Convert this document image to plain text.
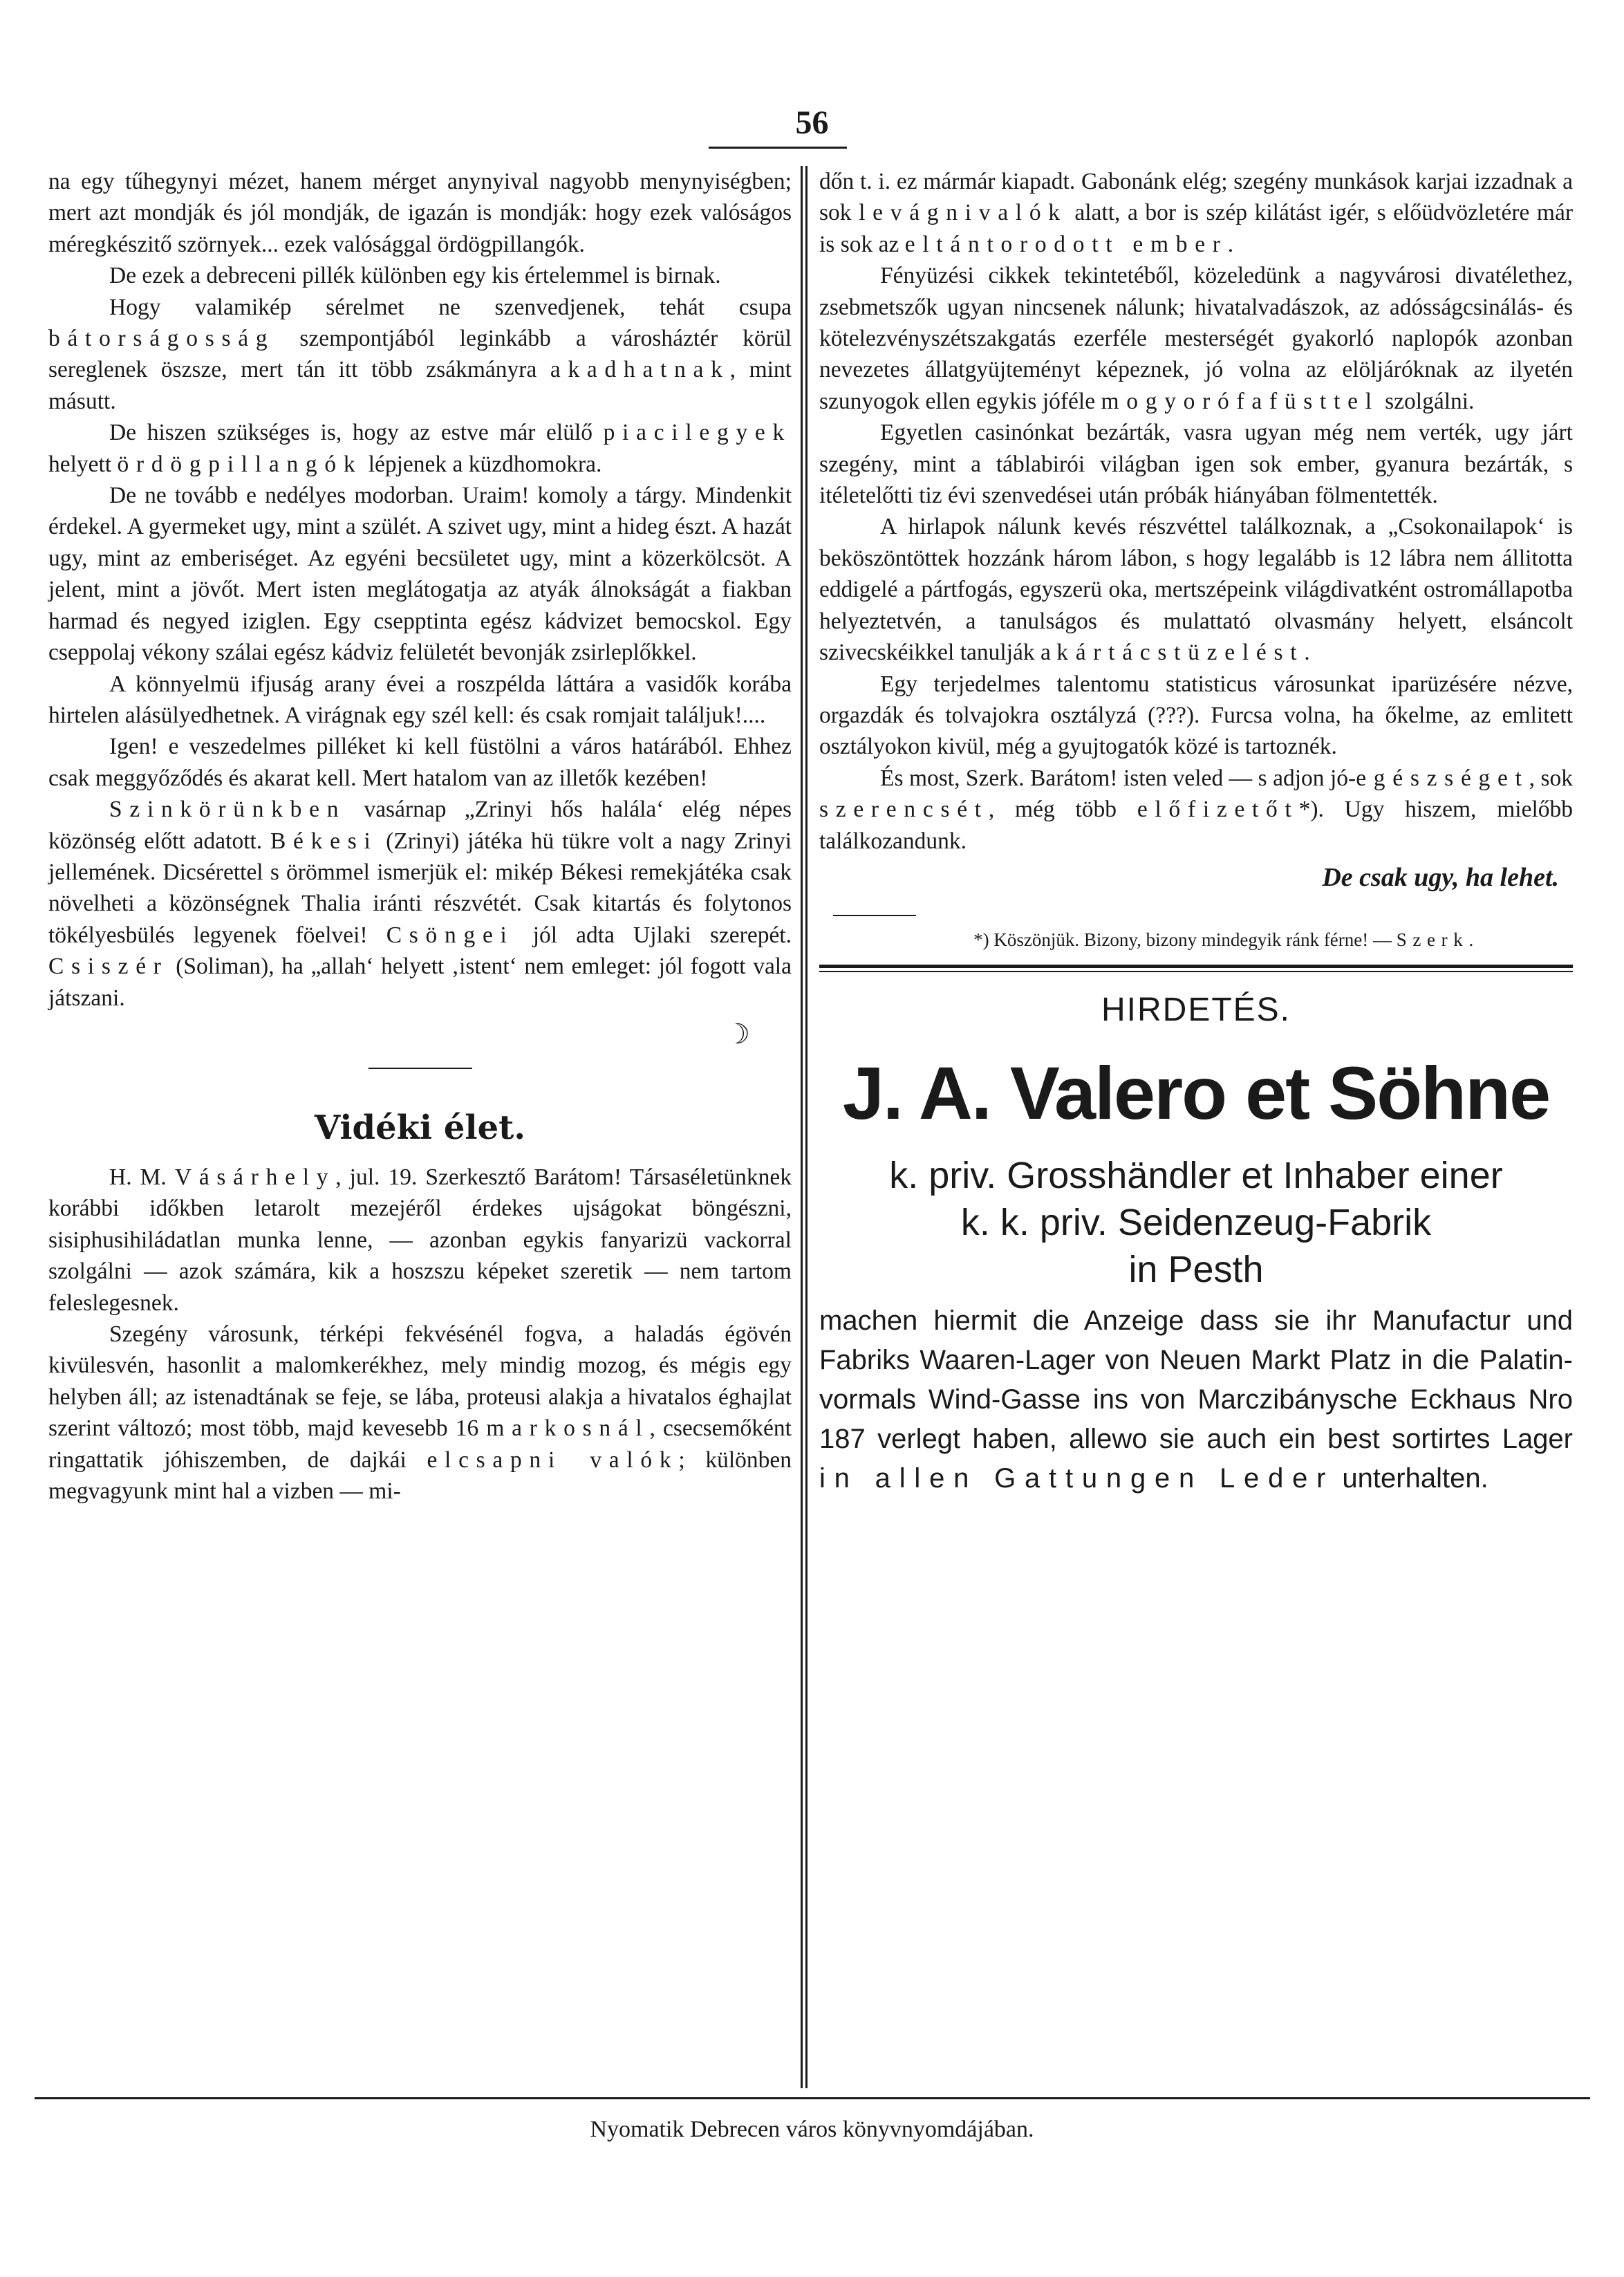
56

na egy tűhegynyi mézet, hanem mérget anynyival nagyobb menynyiségben; mert azt mondják és jól mondják, de igazán is mondják: hogy ezek valóságos méregkészitő szörnyek... ezek valósággal ördögpillangók.

De ezek a debreceni pillék különben egy kis értelemmel is birnak.

Hogy valamikép sérelmet ne szenvedjenek, tehát csupa bátorságosság szempontjából leginkább a városháztér körül sereglenek öszsze, mert tán itt több zsákmányra akadhatnak, mint másutt.

De hiszen szükséges is, hogy az estve már elülő piacilegyek helyett ördögpillangók lépjenek a küzdhomokra.

De ne tovább e nedélyes modorban. Uraim! komoly a tárgy. Mindenkit érdekel. A gyermeket ugy, mint a szülét. A szivet ugy, mint a hideg észt. A hazát ugy, mint az emberiséget. Az egyéni becsületet ugy, mint a közerkölcsöt. A jelent, mint a jövőt. Mert isten meglátogatja az atyák álnokságát a fiakban harmad és negyed iziglen. Egy csepptinta egész kádvizet bemocskol. Egy cseppolaj vékony szálai egész kádviz felületét bevonják zsirleplőkkel.

A könnyelmü ifjuság arany évei a roszpélda láttára a vasidők korába hirtelen alásülyedhetnek. A virágnak egy szél kell: és csak romjait találjuk!....

Igen! e veszedelmes pilléket ki kell füstölni a város határából. Ehhez csak meggyőződés és akarat kell. Mert hatalom van az illetők kezében!

Szinkörünkben vasárnap „Zrinyi hős halála‘ elég népes közönség előtt adatott. Békesi (Zrinyi) játéka hü tükre volt a nagy Zrinyi jellemének. Dicsérettel s örömmel ismerjük el: mikép Békesi remekjátéka csak növelheti a közönségnek Thalia iránti részvétét. Csak kitartás és folytonos tökélyesbülés legyenek föelvei! Csöngei jól adta Ujlaki szerepét. Csiszér (Soliman), ha „allah‘ helyett ‚istent‘ nem emleget: jól fogott vala játszani.

☽
Vidéki élet.

H. M. Vásárhely, jul. 19. Szerkesztő Barátom! Társaséletünknek korábbi időkben letarolt mezejéről érdekes ujságokat böngészni, sisiphusihiládatlan munka lenne, — azonban egykis fanyarizü vackorral szolgálni — azok számára, kik a hoszszu képeket szeretik — nem tartom feleslegesnek.

Szegény városunk, térképi fekvésénél fogva, a haladás égövén kivülesvén, hasonlit a malomkerékhez, mely mindig mozog, és mégis egy helyben áll; az istenadtának se feje, se lába, proteusi alakja a hivatalos éghajlat szerint változó; most több, majd kevesebb 16 markosnál, csecsemőként ringattatik jóhiszemben, de dajkái elcsapni valók; különben megvagyunk mint hal a vizben — mi-

dőn t. i. ez mármár kiapadt. Gabonánk elég; szegény munkások karjai izzadnak a sok levágnivalók alatt, a bor is szép kilátást igér, s előüdvözletére már is sok az eltántorodott ember.

Fényüzési cikkek tekintetéből, közeledünk a nagyvárosi divatélethez, zsebmetszők ugyan nincsenek nálunk; hivatalvadászok, az adósságcsinálás- és kötelezvényszétszakgatás ezerféle mesterségét gyakorló naplopók azonban nevezetes állatgyüjteményt képeznek, jó volna az elöljáróknak az ilyetén szunyogok ellen egykis jóféle mogyorófafüsttel szolgálni.

Egyetlen casinónkat bezárták, vasra ugyan még nem verték, ugy járt szegény, mint a táblabirói világban igen sok ember, gyanura bezárták, s itéletelőtti tiz évi szenvedései után próbák hiányában fölmentették.

A hirlapok nálunk kevés részvéttel találkoznak, a „Csokonailapok‘ is beköszöntöttek hozzánk három lábon, s hogy legalább is 12 lábra nem állitotta eddigelé a pártfogás, egyszerü oka, mertszépeink világdivatként ostromállapotba helyeztetvén, a tanulságos és mulattató olvasmány helyett, elsáncolt szivecskéikkel tanulják a kártácstüzelést.

Egy terjedelmes talentomu statisticus városunkat iparüzésére nézve, orgazdák és tolvajokra osztályzá (???). Furcsa volna, ha őkelme, az emlitett osztályokon kivül, még a gyujtogatók közé is tartoznék.

És most, Szerk. Barátom! isten veled — s adjon jó-egészséget, sok szerencsét, még több előfizetőt*). Ugy hiszem, mielőbb találkozandunk.

De csak ugy, ha lehet.

*) Köszönjük. Bizony, bizony mindegyik ránk férne! — Szerk.

HIRDETÉS.
J. A. Valero et Söhne
k. priv. Grosshändler et Inhaber einer
k. k. priv. Seidenzeug-Fabrik
in Pesth
machen hiermit die Anzeige dass sie ihr Manufactur und Fabriks Waaren-Lager von Neuen Markt Platz in die Palatin- vormals Wind-Gasse ins von Marczibánysche Eckhaus Nro 187 verlegt haben, allewo sie auch ein best sortirtes Lager in allen Gattungen Leder unterhalten.
Nyomatik Debrecen város könyvnyomdájában.
